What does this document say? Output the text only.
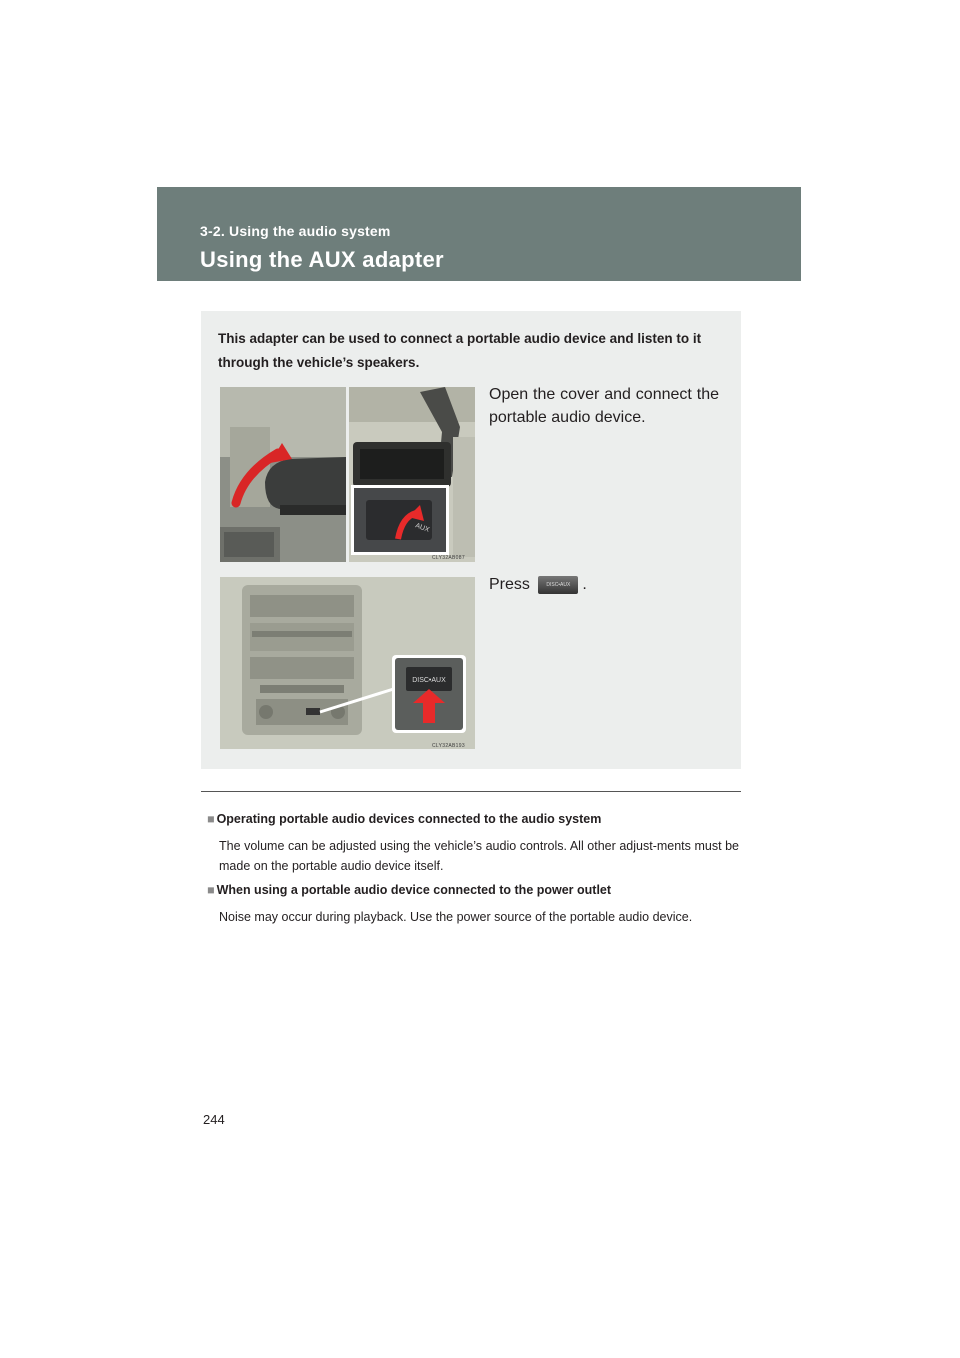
3-2. Using the audio system
Using the AUX adapter
This adapter can be used to connect a portable audio device and listen to it through the vehicle’s speakers.
AUX
CLY32AB087
Open the cover and connect the portable audio device.
DISC•AUX
CLY32AB193
Press	DISC•AUX .
■ Operating portable audio devices connected to the audio system
The volume can be adjusted using the vehicle’s audio controls. All other adjust-ments must be made on the portable audio device itself.
■ When using a portable audio device connected to the power outlet
Noise may occur during playback. Use the power source of the portable audio device.
244
